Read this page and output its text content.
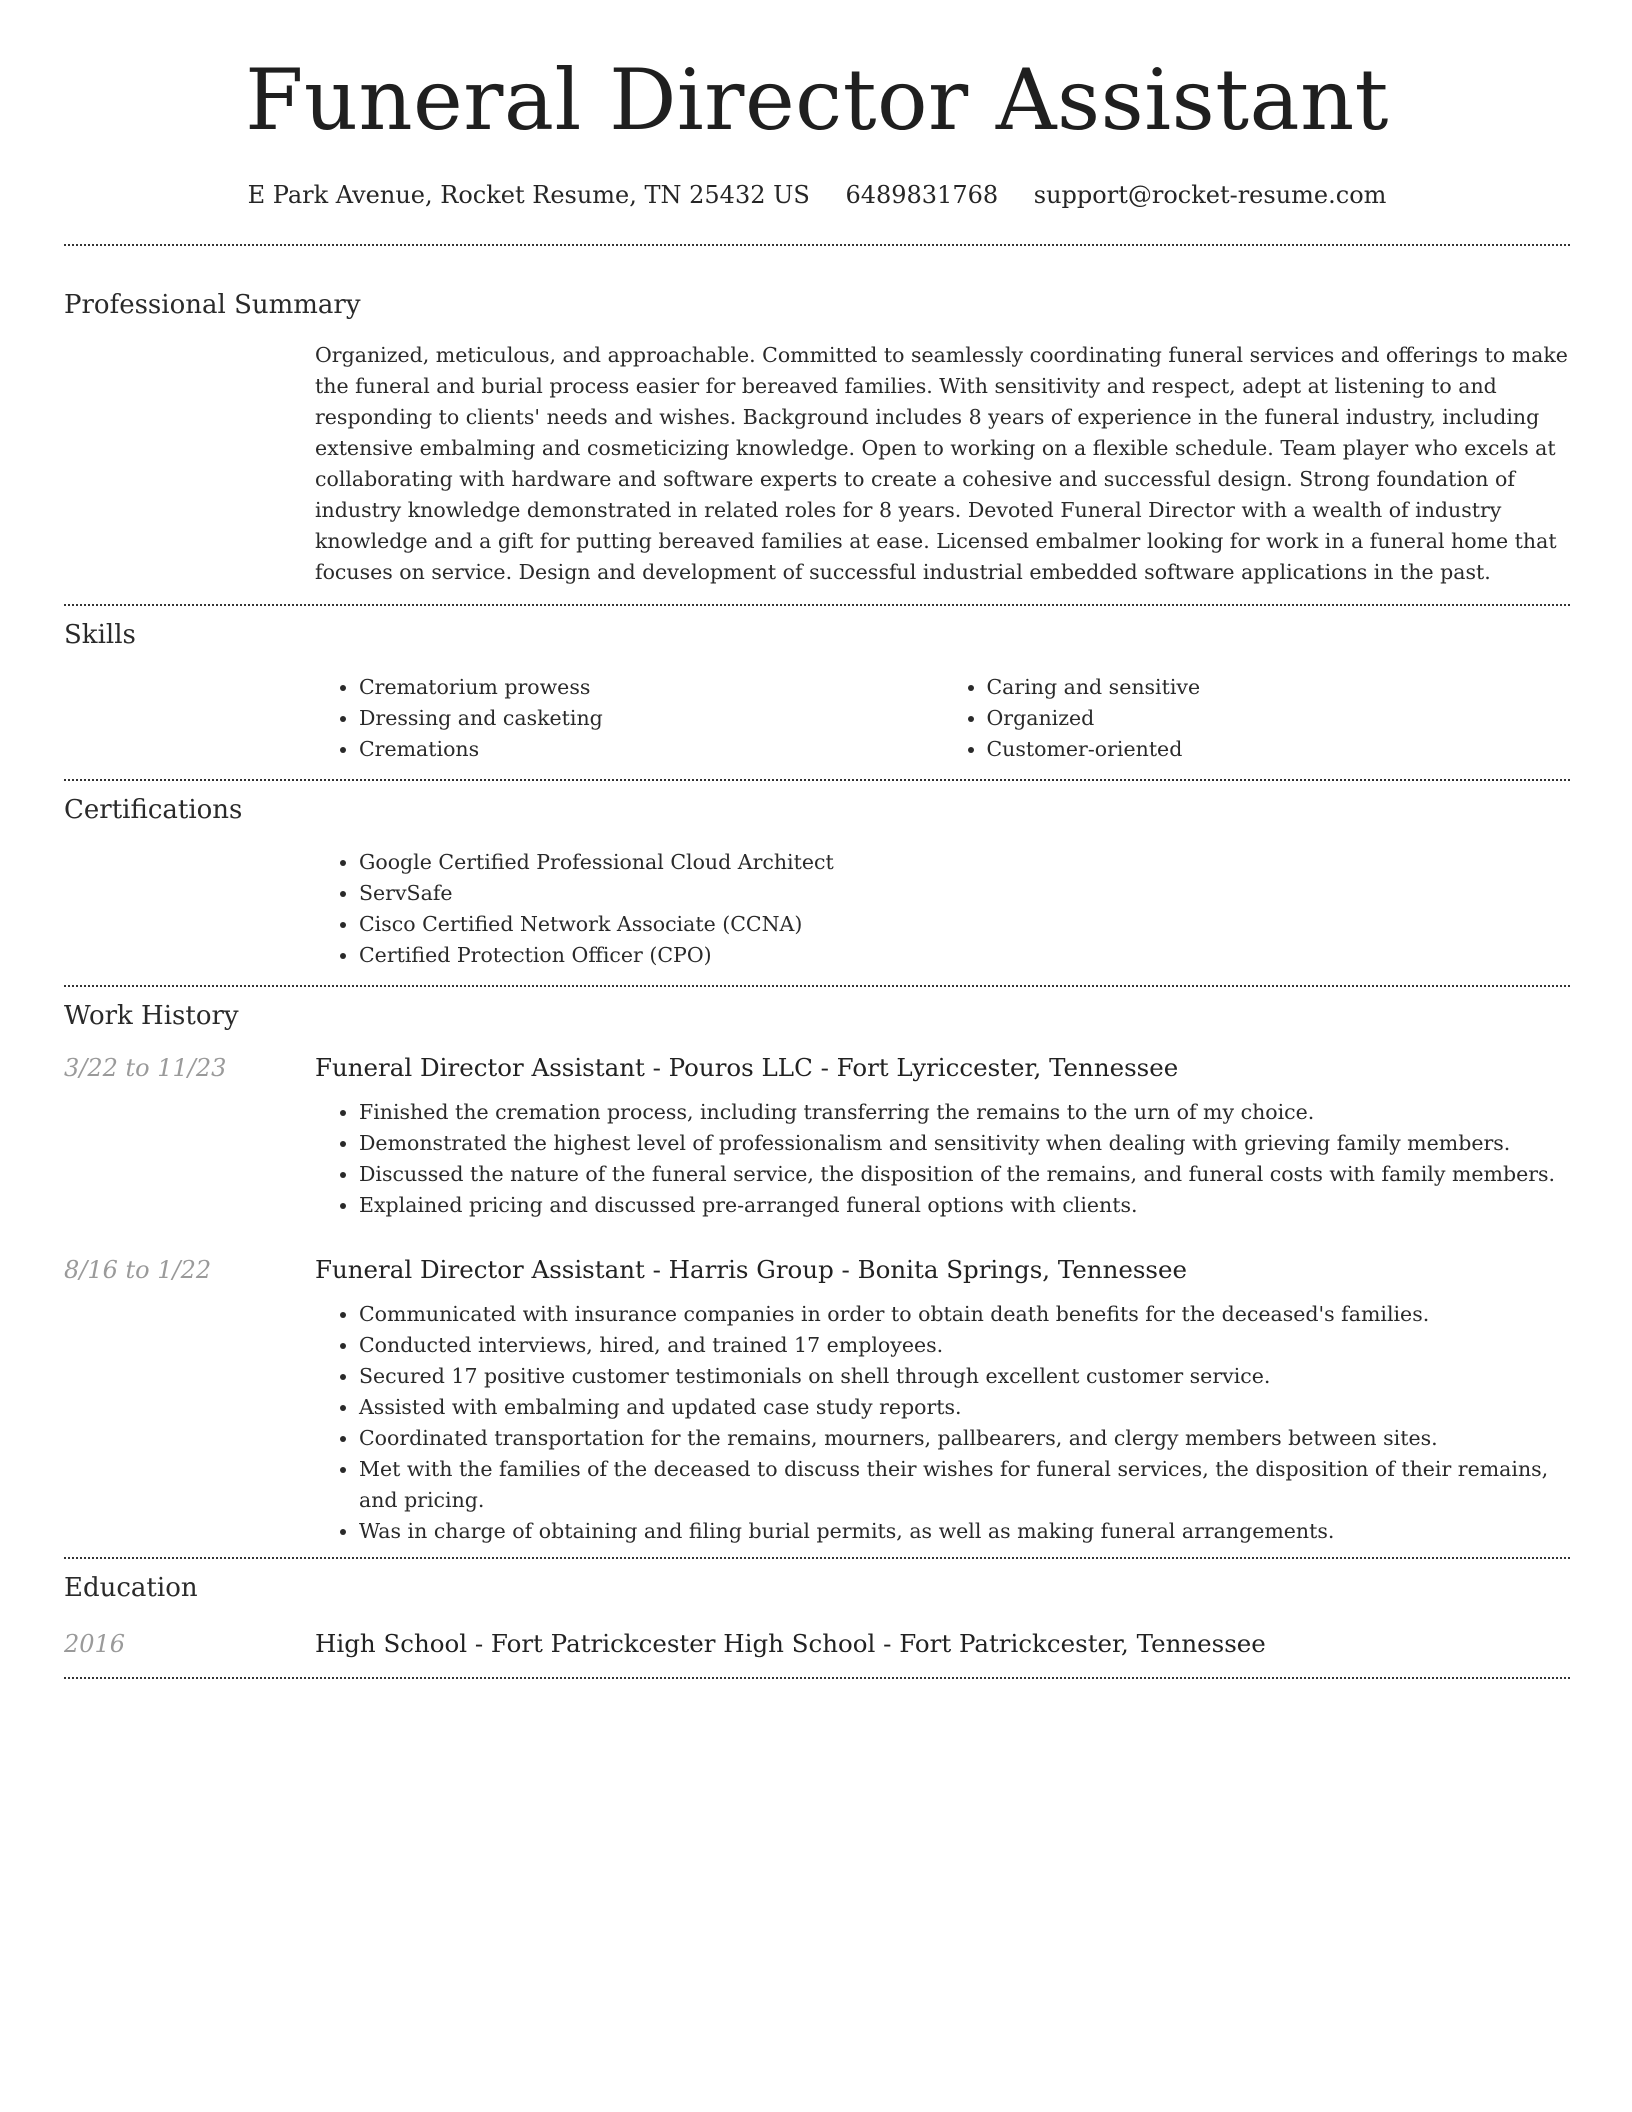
Funeral Director Assistant
E Park Avenue, Rocket Resume, TN 25432 US 6489831768 support@rocket-resume.com
Professional Summary
Organized, meticulous, and approachable. Committed to seamlessly coordinating funeral services and offerings to make the funeral and burial process easier for bereaved families. With sensitivity and respect, adept at listening to and responding to clients' needs and wishes. Background includes 8 years of experience in the funeral industry, including extensive embalming and cosmeticizing knowledge. Open to working on a flexible schedule. Team player who excels at collaborating with hardware and software experts to create a cohesive and successful design. Strong foundation of industry knowledge demonstrated in related roles for 8 years. Devoted Funeral Director with a wealth of industry knowledge and a gift for putting bereaved families at ease. Licensed embalmer looking for work in a funeral home that focuses on service. Design and development of successful industrial embedded software applications in the past.
Skills
• Crematorium prowess
• Dressing and casketing
• Cremations
• Caring and sensitive
• Organized
• Customer-oriented
Certifications
• Google Certified Professional Cloud Architect
• ServSafe
• Cisco Certified Network Associate (CCNA)
• Certified Protection Officer (CPO)
Work History
3/22 to 11/23	Funeral Director Assistant - Pouros LLC - Fort Lyriccester, Tennessee
• Finished the cremation process, including transferring the remains to the urn of my choice.
• Demonstrated the highest level of professionalism and sensitivity when dealing with grieving family members.
• Discussed the nature of the funeral service, the disposition of the remains, and funeral costs with family members.
• Explained pricing and discussed pre-arranged funeral options with clients.
8/16 to 1/22	Funeral Director Assistant - Harris Group - Bonita Springs, Tennessee
• Communicated with insurance companies in order to obtain death benefits for the deceased's families.
• Conducted interviews, hired, and trained 17 employees.
• Secured 17 positive customer testimonials on shell through excellent customer service.
• Assisted with embalming and updated case study reports.
• Coordinated transportation for the remains, mourners, pallbearers, and clergy members between sites.
• Met with the families of the deceased to discuss their wishes for funeral services, the disposition of their remains, and pricing.
• Was in charge of obtaining and filing burial permits, as well as making funeral arrangements.
Education
2016	High School - Fort Patrickcester High School - Fort Patrickcester, Tennessee
